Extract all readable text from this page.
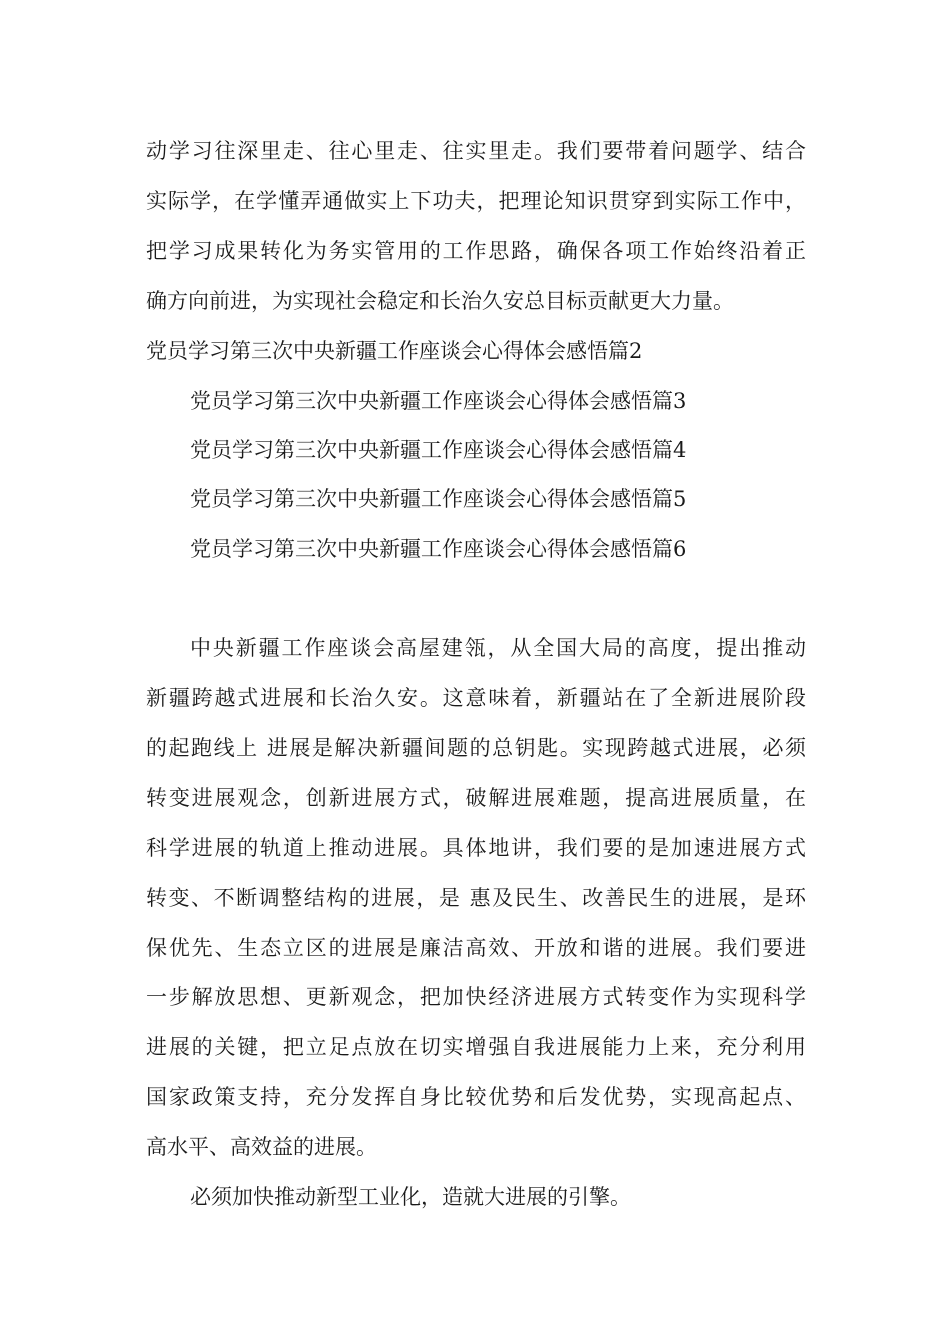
动学习往深里走、往心里走、往实里走。我们要带着问题学、结合
实际学，在学懂弄通做实上下功夫，把理论知识贯穿到实际工作中，
把学习成果转化为务实管用的工作思路，确保各项工作始终沿着正
确方向前进，为实现社会稳定和长治久安总目标贡献更大力量。
党员学习第三次中央新疆工作座谈会心得体会感悟篇2
党员学习第三次中央新疆工作座谈会心得体会感悟篇3
党员学习第三次中央新疆工作座谈会心得体会感悟篇4
党员学习第三次中央新疆工作座谈会心得体会感悟篇5
党员学习第三次中央新疆工作座谈会心得体会感悟篇6
中央新疆工作座谈会高屋建瓴，从全国大局的高度，提出推动
新疆跨越式进展和长治久安。这意味着，新疆站在了全新进展阶段
的起跑线上 进展是解决新疆间题的总钥匙。实现跨越式进展，必须
转变进展观念，创新进展方式，破解进展难题，提高进展质量，在
科学进展的轨道上推动进展。具体地讲，我们要的是加速进展方式
转变、不断调整结构的进展，是 惠及民生、改善民生的进展，是环
保优先、生态立区的进展是廉洁高效、开放和谐的进展。我们要进
一步解放思想、更新观念，把加快经济进展方式转变作为实现科学
进展的关键，把立足点放在切实增强自我进展能力上来，充分利用
国家政策支持，充分发挥自身比较优势和后发优势，实现高起点、
高水平、高效益的进展。
必须加快推动新型工业化，造就大进展的引擎。
